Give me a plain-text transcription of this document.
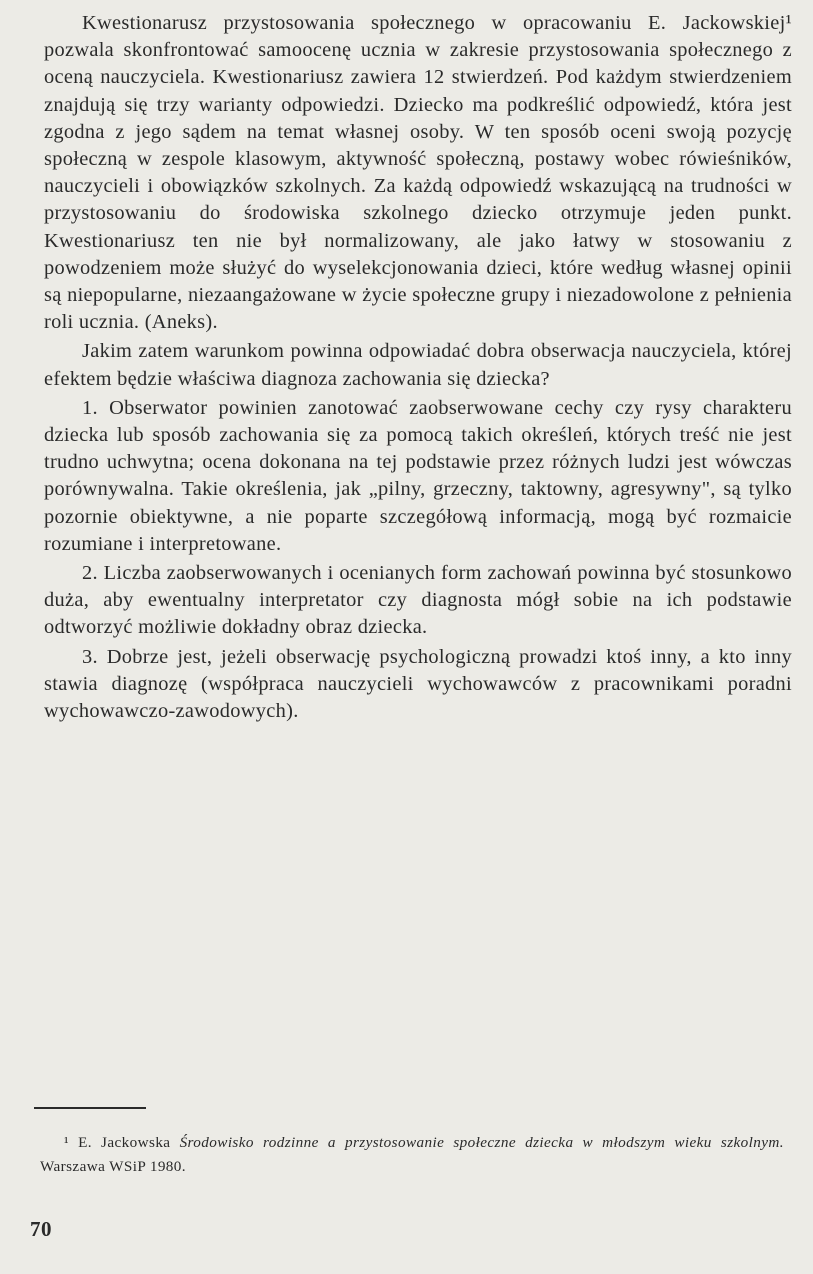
Kwestionarusz przystosowania społecznego w opracowaniu E. Jackowskiej¹ pozwala skonfrontować samoocenę ucznia w zakresie przystosowania społecznego z oceną nauczyciela. Kwestionariusz zawiera 12 stwierdzeń. Pod każdym stwierdzeniem znajdują się trzy warianty odpowiedzi. Dziecko ma podkreślić odpowiedź, która jest zgodna z jego sądem na temat własnej osoby. W ten sposób oceni swoją pozycję społeczną w zespole klasowym, aktywność społeczną, postawy wobec rówieśników, nauczycieli i obowiązków szkolnych. Za każdą odpowiedź wskazującą na trudności w przystosowaniu do środowiska szkolnego dziecko otrzymuje jeden punkt. Kwestionariusz ten nie był normalizowany, ale jako łatwy w stosowaniu z powodzeniem może służyć do wyselekcjonowania dzieci, które według własnej opinii są niepopularne, niezaangażowane w życie społeczne grupy i niezadowolone z pełnienia roli ucznia. (Aneks).

Jakim zatem warunkom powinna odpowiadać dobra obserwacja nauczyciela, której efektem będzie właściwa diagnoza zachowania się dziecka?

1. Obserwator powinien zanotować zaobserwowane cechy czy rysy charakteru dziecka lub sposób zachowania się za pomocą takich określeń, których treść nie jest trudno uchwytna; ocena dokonana na tej podstawie przez różnych ludzi jest wówczas porównywalna. Takie określenia, jak „pilny, grzeczny, taktowny, agresywny", są tylko pozornie obiektywne, a nie poparte szczegółową informacją, mogą być rozmaicie rozumiane i interpretowane.

2. Liczba zaobserwowanych i ocenianych form zachowań powinna być stosunkowo duża, aby ewentualny interpretator czy diagnosta mógł sobie na ich podstawie odtworzyć możliwie dokładny obraz dziecka.

3. Dobrze jest, jeżeli obserwację psychologiczną prowadzi ktoś inny, a kto inny stawia diagnozę (współpraca nauczycieli wychowawców z pracownikami poradni wychowawczo-zawodowych).

¹ E. Jackowska Środowisko rodzinne a przystosowanie społeczne dziecka w młodszym wieku szkolnym. Warszawa WSiP 1980.
70
